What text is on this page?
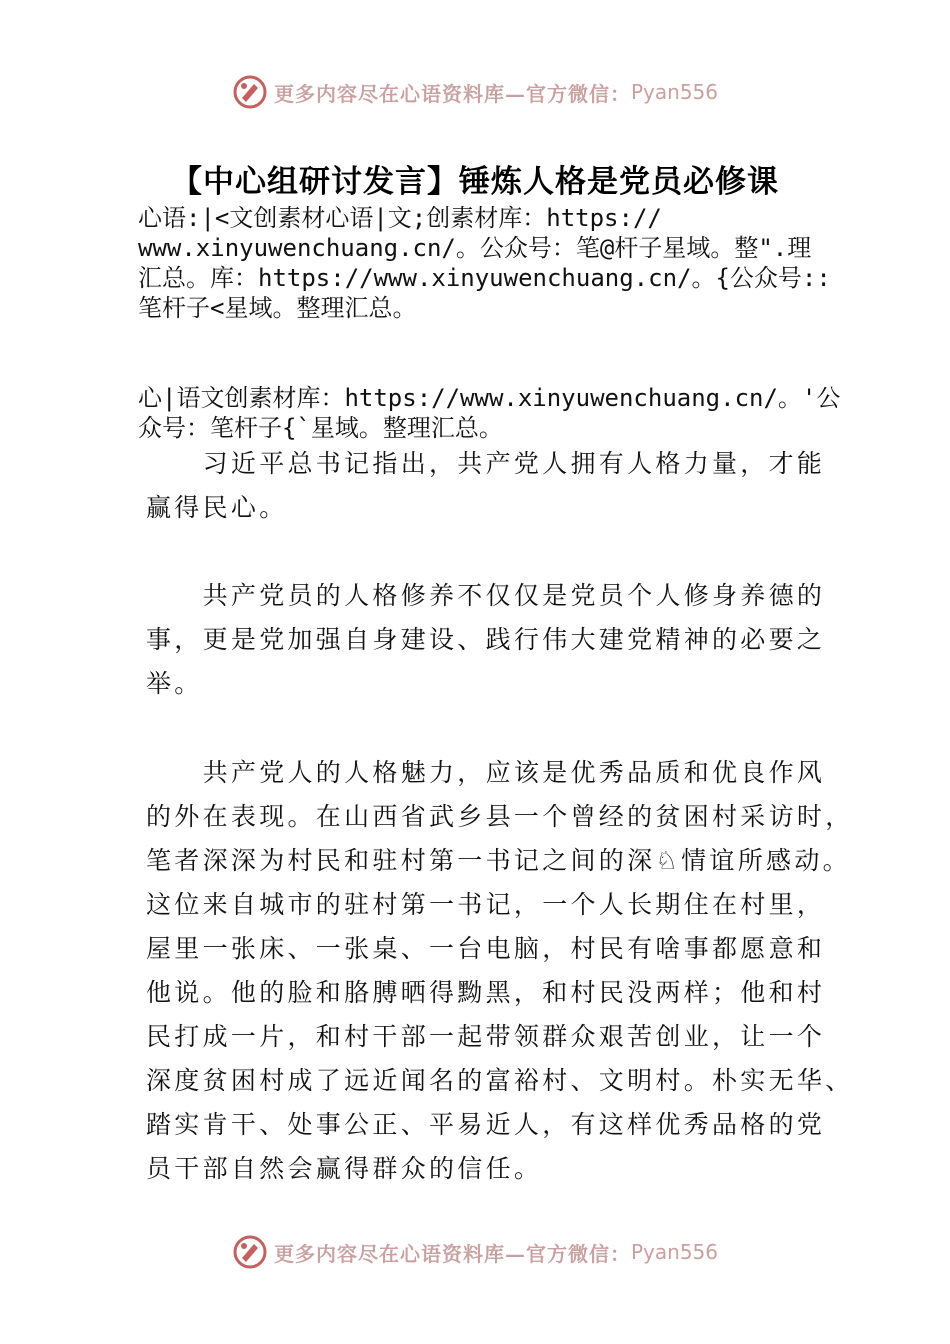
更多内容尽在心语资料库—官方微信： Pyan556
【中心组研讨发言】锤炼人格是党员必修课
心语:|<文创素材心语|文;创素材库：https://
www.xinyuwenchuang.cn/。公众号：笔@杆子星域。整".理
汇总。库：https://www.xinyuwenchuang.cn/。{公众号::
笔杆子<星域。整理汇总。
心|语文创素材库：https://www.xinyuwenchuang.cn/。'公
众号：笔杆子{`星域。整理汇总。
　　习近平总书记指出，共产党人拥有人格力量，才能
赢得民心。
　　共产党员的人格修养不仅仅是党员个人修身养德的
事，更是党加强自身建设、践行伟大建党精神的必要之
举。
　　共产党人的人格魅力，应该是优秀品质和优良作风
的外在表现。在山西省武乡县一个曾经的贫困村采访时，
笔者深深为村民和驻村第一书记之间的深♘情谊所感动。
这位来自城市的驻村第一书记，一个人长期住在村里，
屋里一张床、一张桌、一台电脑，村民有啥事都愿意和
他说。他的脸和胳膊晒得黝黑，和村民没两样；他和村
民打成一片，和村干部一起带领群众艰苦创业，让一个
深度贫困村成了远近闻名的富裕村、文明村。朴实无华、
踏实肯干、处事公正、平易近人，有这样优秀品格的党
员干部自然会赢得群众的信任。
更多内容尽在心语资料库—官方微信： Pyan556
